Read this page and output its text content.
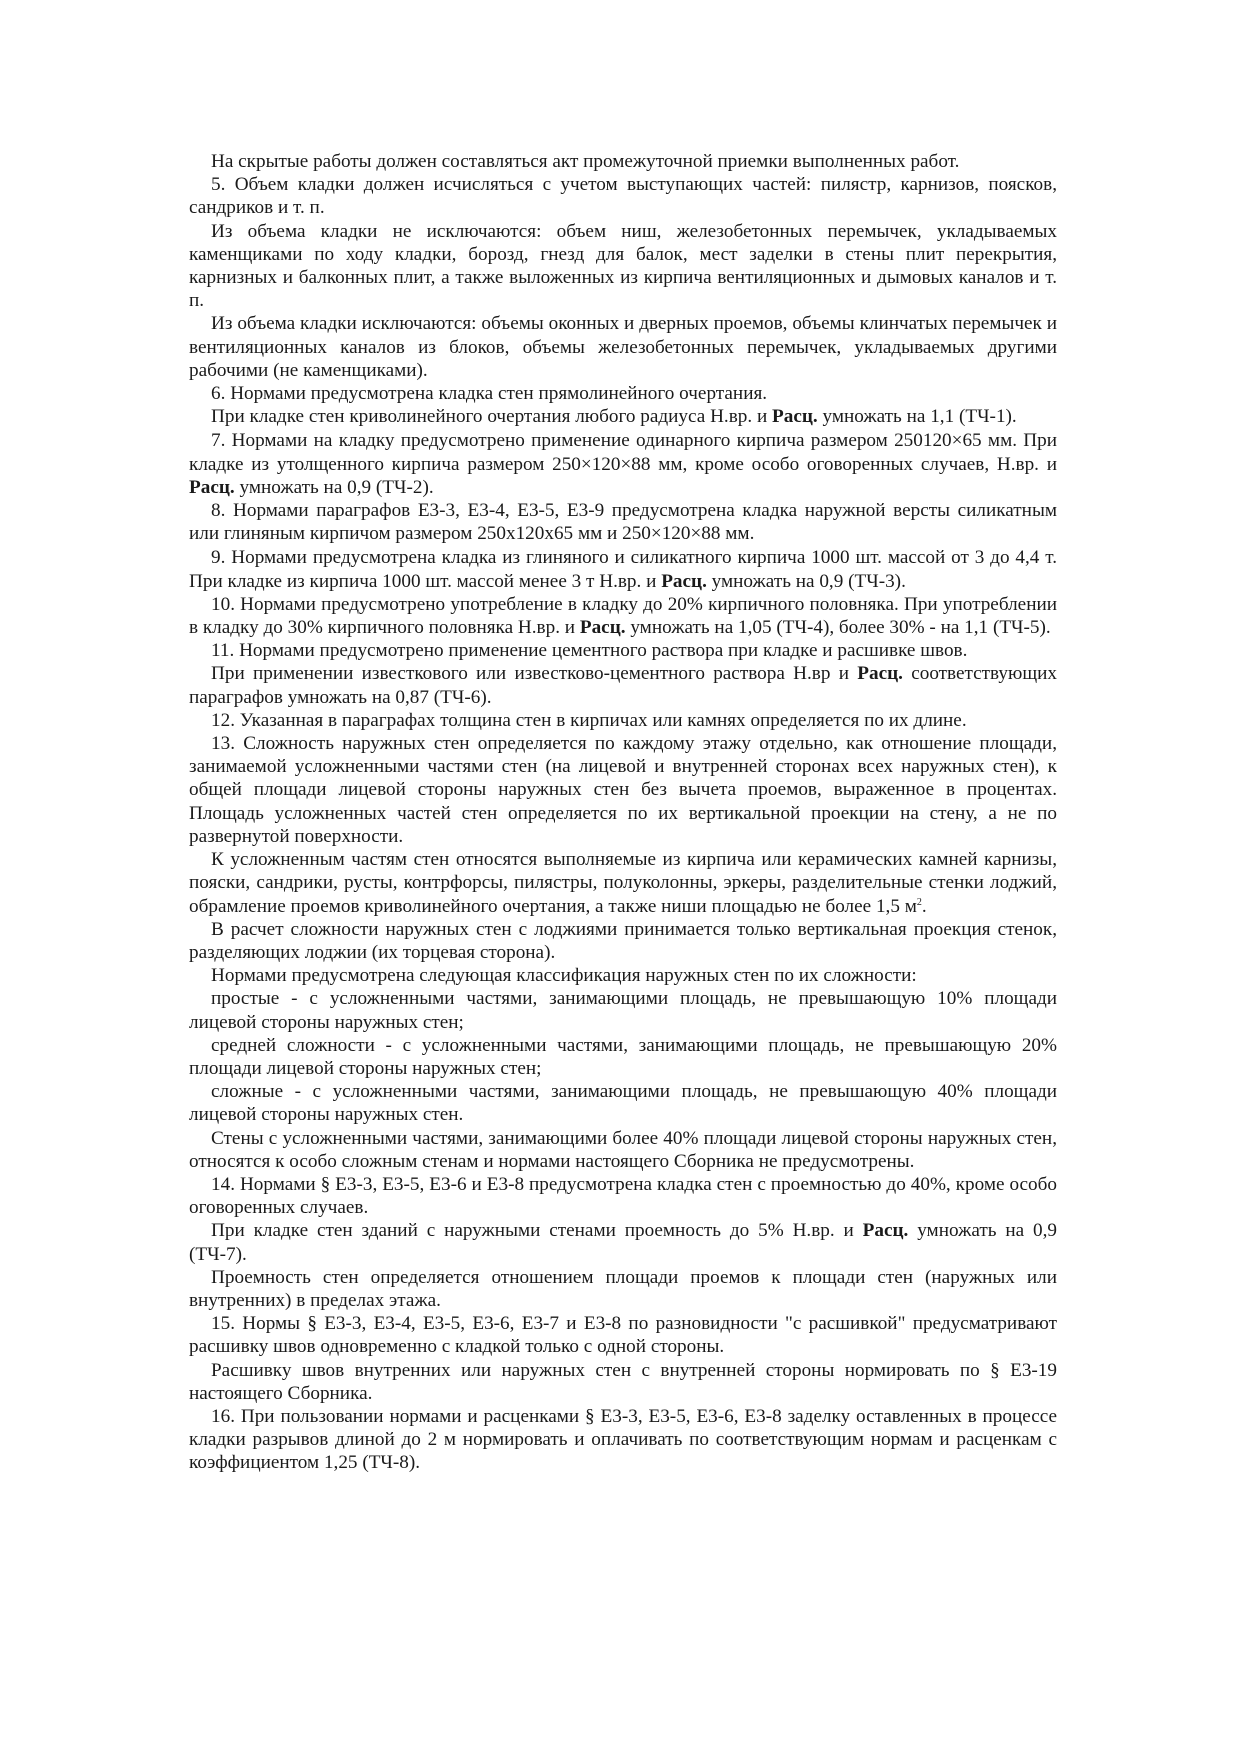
На скрытые работы должен составляться акт промежуточной приемки выполненных работ.

5. Объем кладки должен исчисляться с учетом выступающих частей: пилястр, карнизов, поясков, сандриков и т. п.

Из объема кладки не исключаются: объем ниш, железобетонных перемычек, укладываемых каменщиками по ходу кладки, борозд, гнезд для балок, мест заделки в стены плит перекрытия, карнизных и балконных плит, а также выложенных из кирпича вентиляционных и дымовых каналов и т. п.

Из объема кладки исключаются: объемы оконных и дверных проемов, объемы клинчатых перемычек и вентиляционных каналов из блоков, объемы железобетонных перемычек, укладываемых другими рабочими (не каменщиками).

6. Нормами предусмотрена кладка стен прямолинейного очертания.

При кладке стен криволинейного очертания любого радиуса Н.вр. и Расц. умножать на 1,1 (ТЧ-1).

7. Нормами на кладку предусмотрено применение одинарного кирпича размером 250120×65 мм. При кладке из утолщенного кирпича размером 250×120×88 мм, кроме особо оговоренных случаев, Н.вр. и Расц. умножать на 0,9 (ТЧ-2).

8. Нормами параграфов Е3-3, Е3-4, Е3-5, Е3-9 предусмотрена кладка наружной версты силикатным или глиняным кирпичом размером 250х120х65 мм и 250×120×88 мм.

9. Нормами предусмотрена кладка из глиняного и силикатного кирпича 1000 шт. массой от 3 до 4,4 т. При кладке из кирпича 1000 шт. массой менее 3 т Н.вр. и Расц. умножать на 0,9 (ТЧ-3).

10. Нормами предусмотрено употребление в кладку до 20% кирпичного половняка. При употреблении в кладку до 30% кирпичного половняка Н.вр. и Расц. умножать на 1,05 (ТЧ-4), более 30% - на 1,1 (ТЧ-5).

11. Нормами предусмотрено применение цементного раствора при кладке и расшивке швов.

При применении известкового или известково-цементного раствора Н.вр и Расц. соответствующих параграфов умножать на 0,87 (ТЧ-6).

12. Указанная в параграфах толщина стен в кирпичах или камнях определяется по их длине.

13. Сложность наружных стен определяется по каждому этажу отдельно, как отношение площади, занимаемой усложненными частями стен (на лицевой и внутренней сторонах всех наружных стен), к общей площади лицевой стороны наружных стен без вычета проемов, выраженное в процентах. Площадь усложненных частей стен определяется по их вертикальной проекции на стену, а не по развернутой поверхности.

К усложненным частям стен относятся выполняемые из кирпича или керамических камней карнизы, пояски, сандрики, русты, контрфорсы, пилястры, полуколонны, эркеры, разделительные стенки лоджий, обрамление проемов криволинейного очертания, а также ниши площадью не более 1,5 $м^2$.

В расчет сложности наружных стен с лоджиями принимается только вертикальная проекция стенок, разделяющих лоджии (их торцевая сторона).

Нормами предусмотрена следующая классификация наружных стен по их сложности:

простые - с усложненными частями, занимающими площадь, не превышающую 10% площади лицевой стороны наружных стен;

средней сложности - с усложненными частями, занимающими площадь, не превышающую 20% площади лицевой стороны наружных стен;

сложные - с усложненными частями, занимающими площадь, не превышающую 40% площади лицевой стороны наружных стен.

Стены с усложненными частями, занимающими более 40% площади лицевой стороны наружных стен, относятся к особо сложным стенам и нормами настоящего Сборника не предусмотрены.

14. Нормами § Е3-3, Е3-5, Е3-6 и Е3-8 предусмотрена кладка стен с проемностью до 40%, кроме особо оговоренных случаев.

При кладке стен зданий с наружными стенами проемность до 5% Н.вр. и Расц. умножать на 0,9 (ТЧ-7).

Проемность стен определяется отношением площади проемов к площади стен (наружных или внутренних) в пределах этажа.

15. Нормы § Е3-3, Е3-4, Е3-5, Е3-6, Е3-7 и Е3-8 по разновидности "с расшивкой" предусматривают расшивку швов одновременно с кладкой только с одной стороны.

Расшивку швов внутренних или наружных стен с внутренней стороны нормировать по § Е3-19 настоящего Сборника.

16. При пользовании нормами и расценками § Е3-3, Е3-5, Е3-6, Е3-8 заделку оставленных в процессе кладки разрывов длиной до 2 м нормировать и оплачивать по соответствующим нормам и расценкам с коэффициентом 1,25 (ТЧ-8).
